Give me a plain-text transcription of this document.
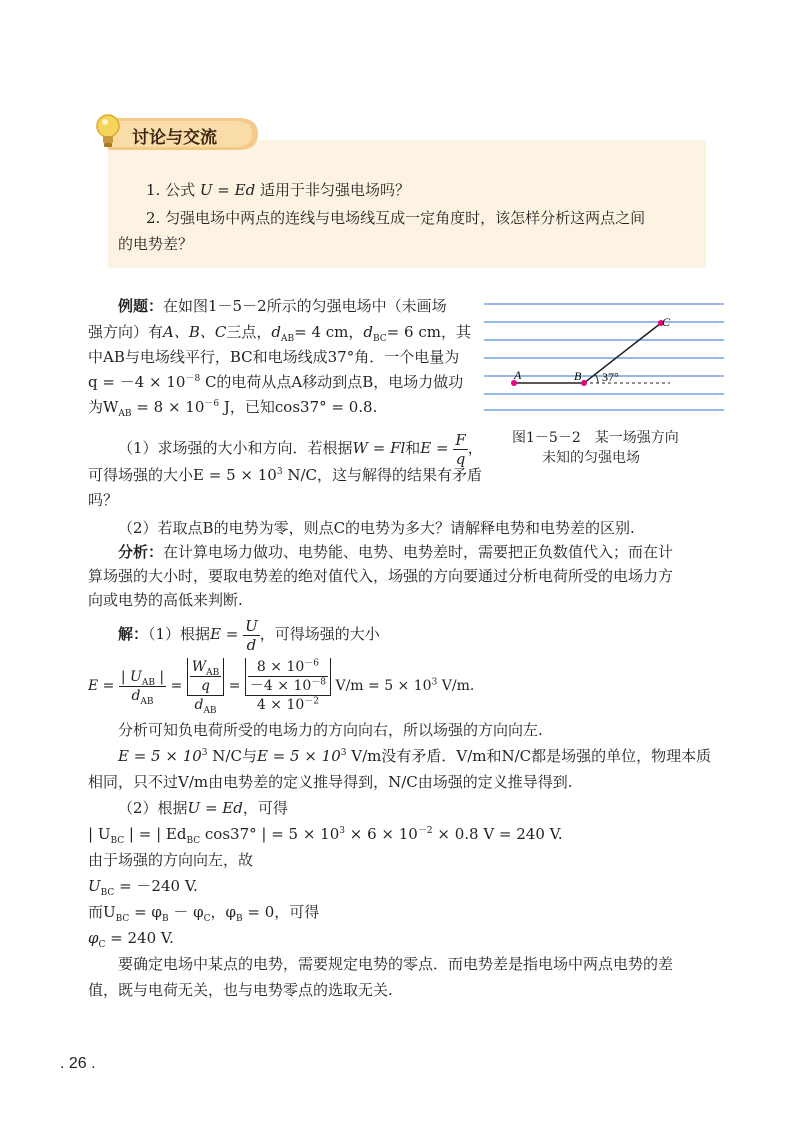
讨论与交流
1. 公式 U = Ed 适用于非匀强电场吗？
2. 匀强电场中两点的连线与电场线互成一定角度时，该怎样分析这两点之间
的电势差？
例题：在如图1－5－2所示的匀强电场中（未画场
强方向）有A、B、C三点，$d_{AB}= 4$ cm，$d_{BC}= 6$ cm，其
中AB与电场线平行，BC和电场线成37°角．一个电量为
$q = -4 \times 10^{-8}$ C的电荷从点A移动到点B，电场力做功
为$W_{AB} = 8 \times 10^{-6}$ J，已知cos37° = 0.8.
（1）求场强的大小和方向．若根据W = Fl和$E = \frac{F}{q}$ ，
可得场强的大小$E = 5 \times 10^3$ N/C，这与解得的结果有矛盾
吗？
（2）若取点B的电势为零，则点C的电势为多大？请解释电势和电势差的区别.
A	B
C
37°
图1－5－2　某一场强方向
未知的匀强电场
分析：在计算电场力做功、电势能、电势、电势差时，需要把正负数值代入；而在计
算场强的大小时，要取电势差的绝对值代入，场强的方向要通过分析电荷所受的电场力方
向或电势的高低来判断.
解：（1）根据$E = \frac{U}{d}$ ，可得场强的大小
$E = \frac{| U_{AB} |}{d_{AB}} = \frac{\frac{W_{AB}}{q}}{d_{AB}} = \frac{\frac{8 \times 10^{-6}}{-4 \times 10^{-8}}}{4 \times 10^{-2}} V/m = 5 \times 10^3$ V/m.
分析可知负电荷所受的电场力的方向向右，所以场强的方向向左.
$E = 5 \times 10^3$ N/C与$E = 5 \times 10^3$ V/m没有矛盾．V/m和N/C都是场强的单位，物理本质
相同，只不过V/m由电势差的定义推导得到，N/C由场强的定义推导得到.
（2）根据U = Ed，可得
| $U_{BC}$ | = | $Ed_{BC}$ cos37° | = $5 \times 10^3 \times 6 \times 10^{-2} \times 0.8$ V = 240 V.
由于场强的方向向左，故
$U_{BC} = -240$ V.
而$U_{BC} = \varphi_B - \varphi_C$，$\varphi_B = 0$，可得
$\varphi_C = 240$ V.
要确定电场中某点的电势，需要规定电势的零点．而电势差是指电场中两点电势的差
值，既与电荷无关，也与电势零点的选取无关.
. 26 .
